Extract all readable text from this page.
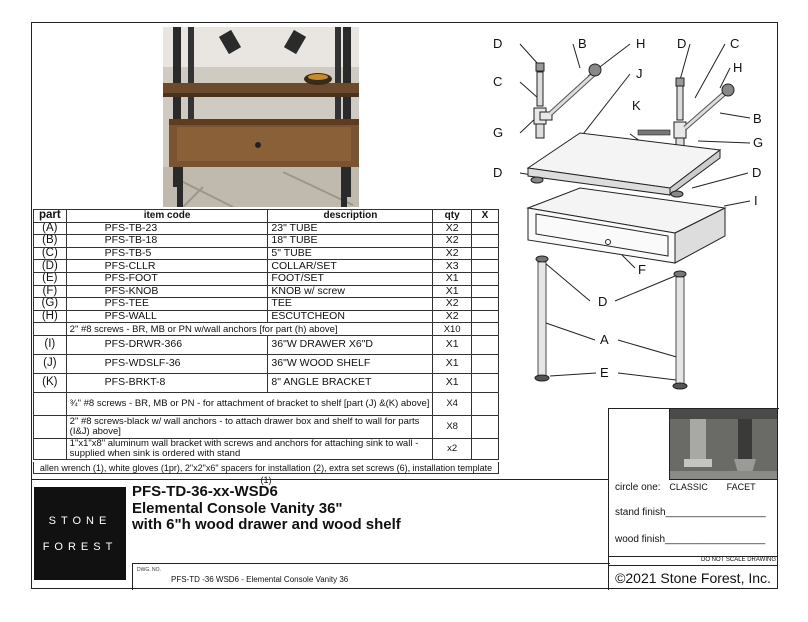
part	item code	description	qty	X
(A)	PFS-TB-23	23" TUBE	X2	
(B)	PFS-TB-18	18" TUBE	X2	
(C)	PFS-TB-5	5" TUBE	X2	
(D)	PFS-CLLR	COLLAR/SET	X3	
(E)	PFS-FOOT	FOOT/SET	X1	
(F)	PFS-KNOB	KNOB w/ screw	X1	
(G)	PFS-TEE	TEE	X2	
(H)	PFS-WALL	ESCUTCHEON	X2	
	2" #8 screws - BR, MB or PN w/wall anchors [for part (h) above]		X10	
(I)	PFS-DRWR-366	36"W DRAWER X6"D	X1	
(J)	PFS-WDSLF-36	36"W WOOD SHELF	X1	
(K)	PFS-BRKT-8	8" ANGLE BRACKET	X1	
	¾" #8 screws - BR, MB or PN - for attachment of bracket to shelf [part (J) &(K) above]		X4	
	2" #8 screws-black w/ wall anchors - to attach drawer box and shelf to wall for parts (I&J) above]		X8	
	1"x1"x8" aluminum wall bracket with screws and anchors for attaching sink to wall - supplied when sink is ordered with stand		x2	
allen wrench (1), white gloves (1pr), 2"x2"x6" spacers for installation (2), extra set screws (6), installation template (1)
D	B	H D	C
J	H
C
B
K
G
G
D	D
I
F
D
A
E
STONE
FOREST
PFS-TD-36-xx-WSD6
Elemental Console Vanity 36"
with 6"h wood drawer and wood shelf
DWG. NO.
PFS-TD -36 WSD6 - Elemental Console Vanity 36
circle one: CLASSIC FACET
stand finish__________________
wood finish__________________
DO NOT SCALE DRAWING
©2021 Stone Forest, Inc.
